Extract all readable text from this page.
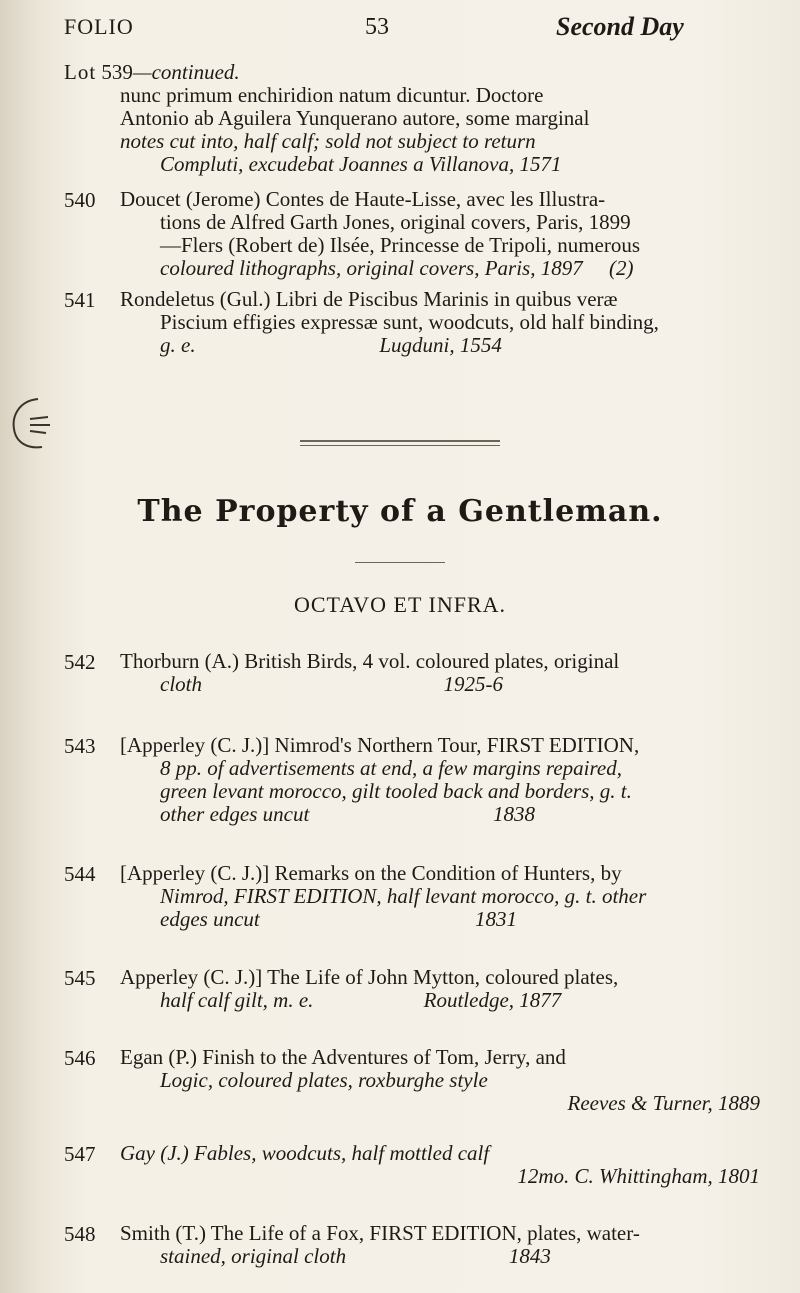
FOLIO	53	Second Day
Lot 539—continued.
nunc primum enchiridion natum dicuntur. Doctore
Antonio ab Aguilera Yunquerano autore, some marginal
notes cut into, half calf; sold not subject to return
Compluti, excudebat Joannes a Villanova, 1571
540 Doucet (Jerome) Contes de Haute-Lisse, avec les Illustra-
tions de Alfred Garth Jones, original covers, Paris, 1899
—Flers (Robert de) Ilsée, Princesse de Tripoli, numerous
coloured lithographs, original covers, Paris, 1897     (2)
541 Rondeletus (Gul.) Libri de Piscibus Marinis in quibus veræ
Piscium effigies expressæ sunt, woodcuts, old half binding,
g. e.                                   Lugduni, 1554
The Property of a Gentleman.
OCTAVO ET INFRA.
542 Thorburn (A.) British Birds, 4 vol. coloured plates, original
cloth                                              1925-6
543 [Apperley (C. J.)] Nimrod's Northern Tour, FIRST EDITION,
8 pp. of advertisements at end, a few margins repaired,
green levant morocco, gilt tooled back and borders, g. t.
other edges uncut                                   1838
544 [Apperley (C. J.)] Remarks on the Condition of Hunters, by
Nimrod, FIRST EDITION, half levant morocco, g. t. other
edges uncut                                         1831
545 Apperley (C. J.)] The Life of John Mytton, coloured plates,
half calf gilt, m. e.                     Routledge, 1877
546 Egan (P.) Finish to the Adventures of Tom, Jerry, and
Logic, coloured plates, roxburghe style
Reeves & Turner, 1889
547 Gay (J.) Fables, woodcuts, half mottled calf
12mo. C. Whittingham, 1801
548 Smith (T.) The Life of a Fox, FIRST EDITION, plates, water-
stained, original cloth                               1843
